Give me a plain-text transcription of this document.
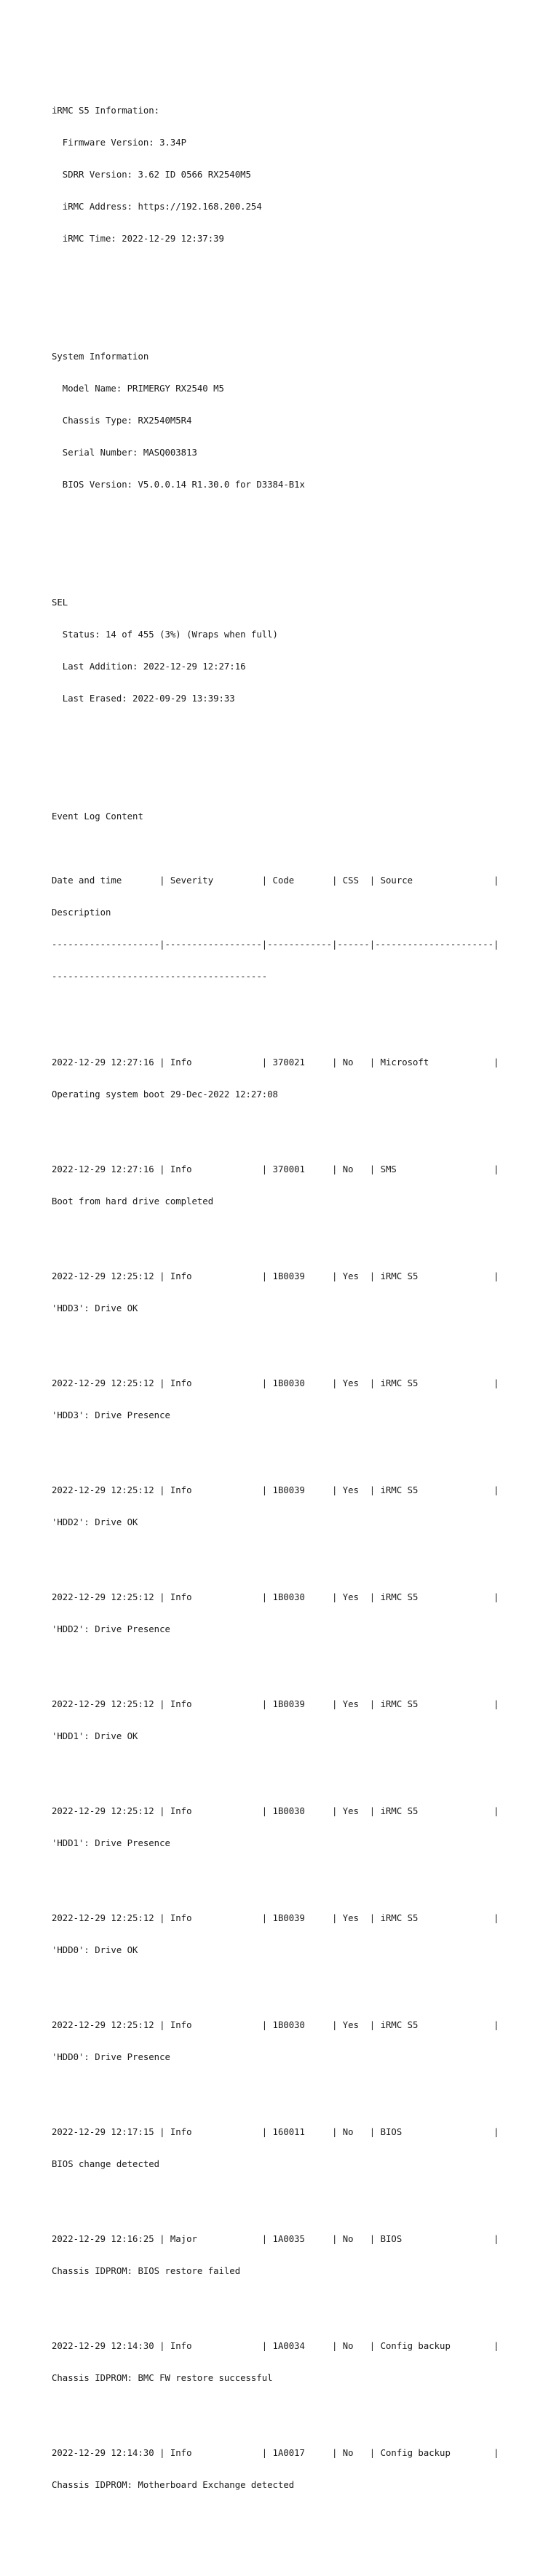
iRMC S5 Information:

Firmware Version: 3.34P

SDRR Version: 3.62 ID 0566 RX2540M5

iRMC Address: https://192.168.200.254

iRMC Time: 2022-12-29 12:37:39

System Information

Model Name: PRIMERGY RX2540 M5

Chassis Type: RX2540M5R4

Serial Number: MASQ003813

BIOS Version: V5.0.0.14 R1.30.0 for D3384-B1x

SEL

Status: 14 of 455 (3%) (Wraps when full)

Last Addition: 2022-12-29 12:27:16

Last Erased: 2022-09-29 13:39:33

Event Log Content

Date and time       | Severity         | Code       | CSS  | Source               |

Description

--------------------|------------------|------------|------|----------------------|

----------------------------------------

2022-12-29 12:27:16 | Info             | 370021     | No   | Microsoft            |

Operating system boot 29-Dec-2022 12:27:08

2022-12-29 12:27:16 | Info             | 370001     | No   | SMS                  |

Boot from hard drive completed

2022-12-29 12:25:12 | Info             | 1B0039     | Yes  | iRMC S5              |

'HDD3': Drive OK

2022-12-29 12:25:12 | Info             | 1B0030     | Yes  | iRMC S5              |

'HDD3': Drive Presence

2022-12-29 12:25:12 | Info             | 1B0039     | Yes  | iRMC S5              |

'HDD2': Drive OK

2022-12-29 12:25:12 | Info             | 1B0030     | Yes  | iRMC S5              |

'HDD2': Drive Presence

2022-12-29 12:25:12 | Info             | 1B0039     | Yes  | iRMC S5              |

'HDD1': Drive OK

2022-12-29 12:25:12 | Info             | 1B0030     | Yes  | iRMC S5              |

'HDD1': Drive Presence

2022-12-29 12:25:12 | Info             | 1B0039     | Yes  | iRMC S5              |

'HDD0': Drive OK

2022-12-29 12:25:12 | Info             | 1B0030     | Yes  | iRMC S5              |

'HDD0': Drive Presence

2022-12-29 12:17:15 | Info             | 160011     | No   | BIOS                 |

BIOS change detected

2022-12-29 12:16:25 | Major            | 1A0035     | No   | BIOS                 |

Chassis IDPROM: BIOS restore failed

2022-12-29 12:14:30 | Info             | 1A0034     | No   | Config backup        |

Chassis IDPROM: BMC FW restore successful

2022-12-29 12:14:30 | Info             | 1A0017     | No   | Config backup        |

Chassis IDPROM: Motherboard Exchange detected
